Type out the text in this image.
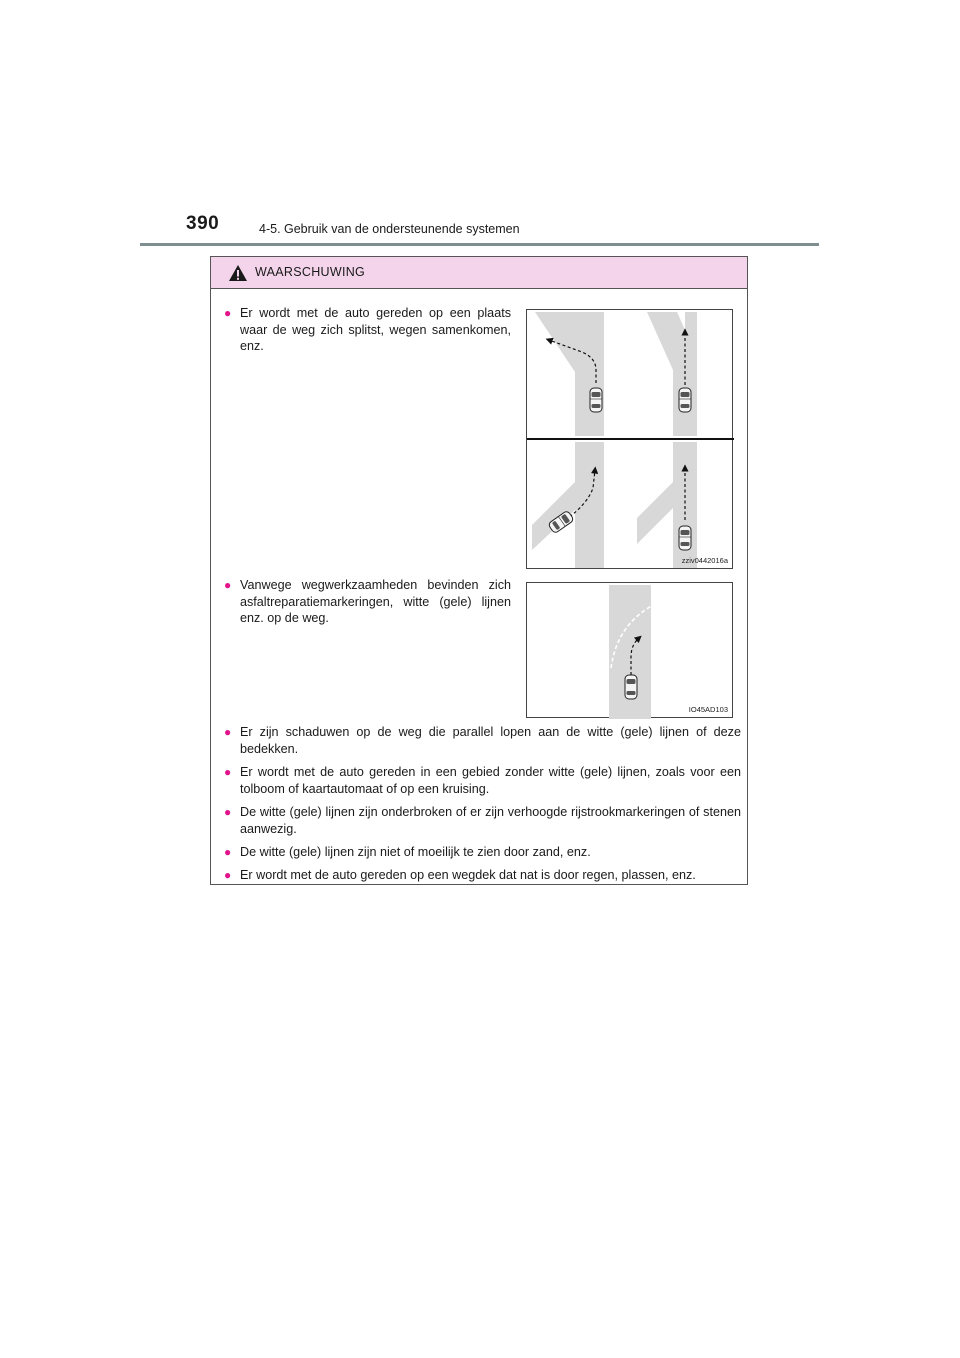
390	4-5. Gebruik van de ondersteunende systemen
WAARSCHUWING
● Er wordt met de auto gereden op een plaats waar de weg zich splitst, wegen samenkomen, enz.
zziv0442016a
● Vanwege wegwerkzaamheden bevinden zich asfaltreparatiemarkeringen, witte (gele) lijnen enz. op de weg.
IO45AD103
● Er zijn schaduwen op de weg die parallel lopen aan de witte (gele) lijnen of deze bedekken.
● Er wordt met de auto gereden in een gebied zonder witte (gele) lijnen, zoals voor een tolboom of kaartautomaat of op een kruising.
● De witte (gele) lijnen zijn onderbroken of er zijn verhoogde rijstrookmarkeringen of stenen aanwezig.
● De witte (gele) lijnen zijn niet of moeilijk te zien door zand, enz.
● Er wordt met de auto gereden op een wegdek dat nat is door regen, plassen, enz.
